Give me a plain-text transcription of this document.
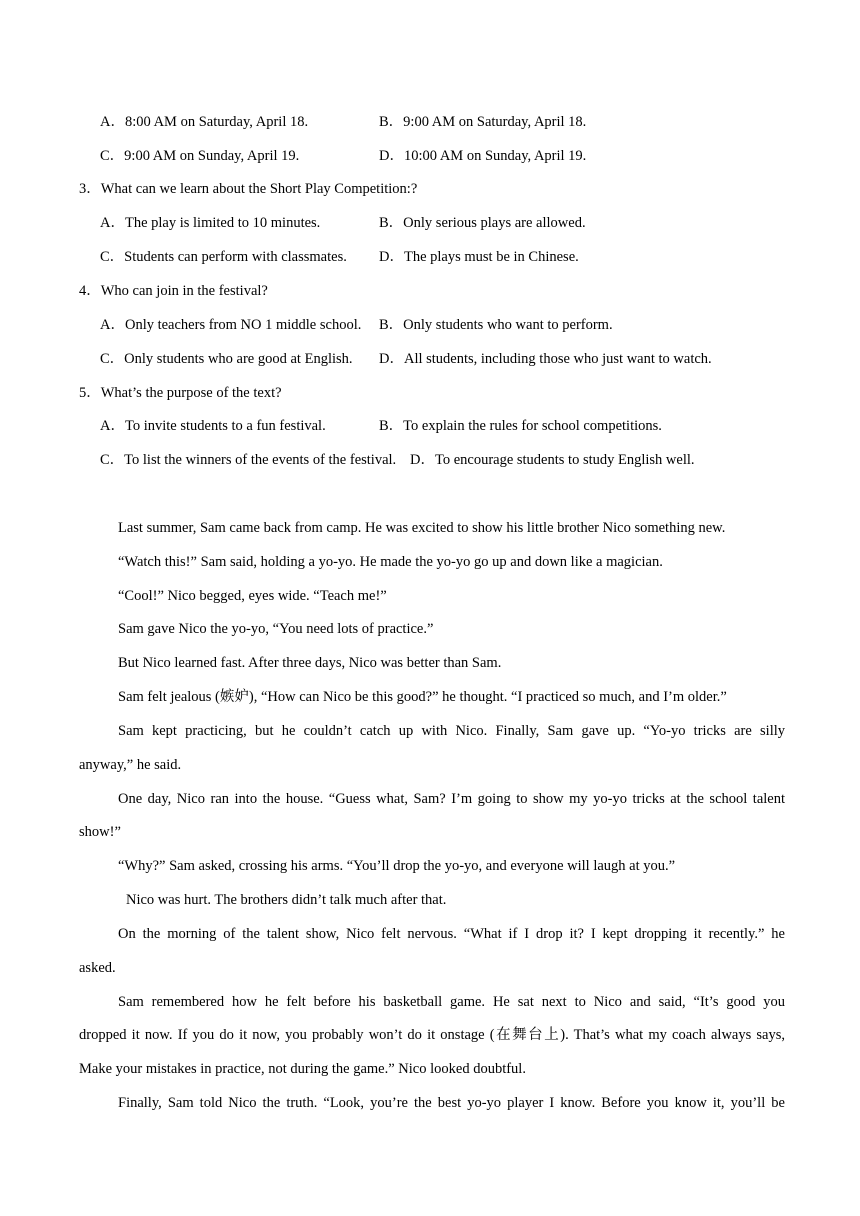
A．8:00 AM on Saturday, April 18.	B．9:00 AM on Saturday, April 18.
C．9:00 AM on Sunday, April 19.	D．10:00 AM on Sunday, April 19.
3．What can we learn about the Short Play Competition:?
A．The play is limited to 10 minutes.	B．Only serious plays are allowed.
C．Students can perform with classmates. D．The plays must be in Chinese.
4．Who can join in the festival?
A．Only teachers from NO 1 middle school. B．Only students who want to perform.
C．Only students who are good at English. D．All students, including those who just want to watch.
5．What’s the purpose of the text?
A．To invite students to a fun festival.	B．To explain the rules for school competitions.
C．To list the winners of the events of the festival. D．To encourage students to study English well.
Last summer, Sam came back from camp. He was excited to show his little brother Nico something new.
“Watch this!” Sam said, holding a yo-yo. He made the yo-yo go up and down like a magician.
“Cool!” Nico begged, eyes wide. “Teach me!”
Sam gave Nico the yo-yo, “You need lots of practice.”
But Nico learned fast. After three days, Nico was better than Sam.
Sam felt jealous (嫉妒), “How can Nico be this good?” he thought. “I practiced so much, and I’m older.”
Sam kept practicing, but he couldn’t catch up with Nico. Finally, Sam gave up. “Yo-yo tricks are silly
anyway,” he said.
One day, Nico ran into the house. “Guess what, Sam? I’m going to show my yo-yo tricks at the school talent
show!”
“Why?” Sam asked, crossing his arms. “You’ll drop the yo-yo, and everyone will laugh at you.”
Nico was hurt. The brothers didn’t talk much after that.
On the morning of the talent show, Nico felt nervous. “What if I drop it? I kept dropping it recently.” he
asked.
Sam remembered how he felt before his basketball game. He sat next to Nico and said, “It’s good you
dropped it now. If you do it now, you probably won’t do it onstage (在舞台上). That’s what my coach always says,
Make your mistakes in practice, not during the game.” Nico looked doubtful.
Finally, Sam told Nico the truth. “Look, you’re the best yo-yo player I know. Before you know it, you’ll be
